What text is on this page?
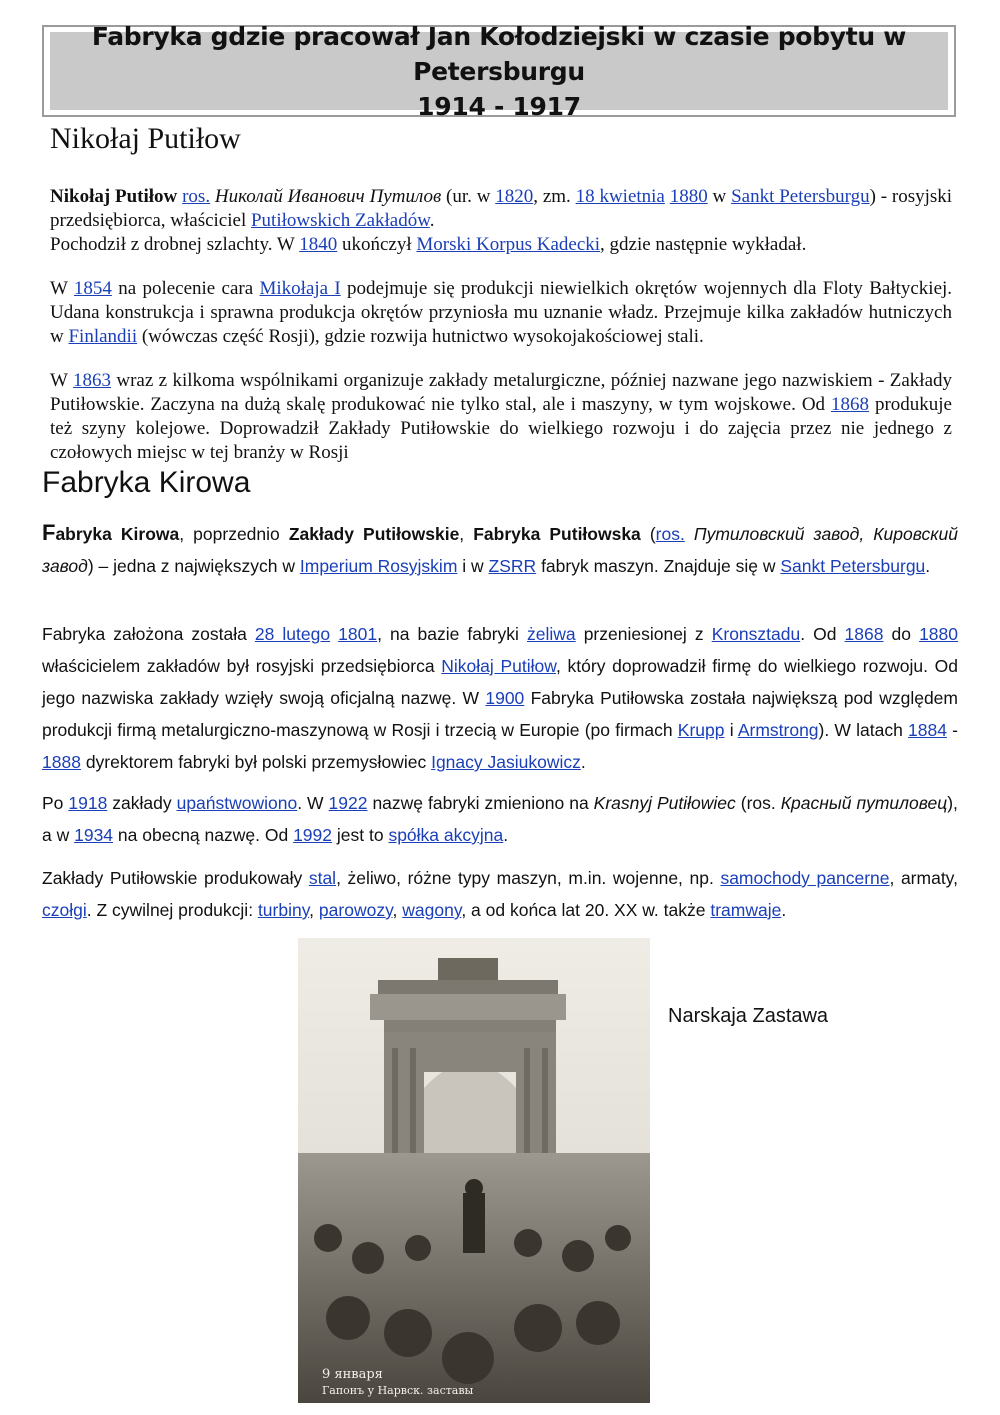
Fabryka gdzie pracował Jan Kołodziejski w czasie pobytu w Petersburgu
1914 - 1917
Nikołaj Putiłow

Nikołaj Putiłow ros. Николай Иванович Путилов (ur. w 1820, zm. 18 kwietnia 1880 w Sankt Petersburgu) - rosyjski przedsiębiorca, właściciel Putiłowskich Zakładów.
Pochodził z drobnej szlachty. W 1840 ukończył Morski Korpus Kadecki, gdzie następnie wykładał.

W 1854 na polecenie cara Mikołaja I podejmuje się produkcji niewielkich okrętów wojennych dla Floty Bałtyckiej. Udana konstrukcja i sprawna produkcja okrętów przyniosła mu uznanie władz. Przejmuje kilka zakładów hutniczych w Finlandii (wówczas część Rosji), gdzie rozwija hutnictwo wysokojakościowej stali.

W 1863 wraz z kilkoma wspólnikami organizuje zakłady metalurgiczne, później nazwane jego nazwiskiem - Zakłady Putiłowskie. Zaczyna na dużą skalę produkować nie tylko stal, ale i maszyny, w tym wojskowe. Od 1868 produkuje też szyny kolejowe. Doprowadził Zakłady Putiłowskie do wielkiego rozwoju i do zajęcia przez nie jednego z czołowych miejsc w tej branży w Rosji

Fabryka Kirowa

Fabryka Kirowa, poprzednio Zakłady Putiłowskie, Fabryka Putiłowska (ros. Путиловский завод, Кировский завод) – jedna z największych w Imperium Rosyjskim i w ZSRR fabryk maszyn. Znajduje się w Sankt Petersburgu.

Fabryka założona została 28 lutego 1801, na bazie fabryki żeliwa przeniesionej z Kronsztadu. Od 1868 do 1880 właścicielem zakładów był rosyjski przedsiębiorca Nikołaj Putiłow, który doprowadził firmę do wielkiego rozwoju. Od jego nazwiska zakłady wzięły swoją oficjalną nazwę. W 1900 Fabryka Putiłowska została największą pod względem produkcji firmą metalurgiczno-maszynową w Rosji i trzecią w Europie (po firmach Krupp i Armstrong). W latach 1884 - 1888 dyrektorem fabryki był polski przemysłowiec Ignacy Jasiukowicz.

Po 1918 zakłady upaństwowiono. W 1922 nazwę fabryki zmieniono na Krasnyj Putiłowiec (ros. Красный путиловец), a w 1934 na obecną nazwę. Od 1992 jest to spółka akcyjna.

Zakłady Putiłowskie produkowały stal, żeliwo, różne typy maszyn, m.in. wojenne, np. samochody pancerne, armaty, czołgi. Z cywilnej produkcji: turbiny, parowozy, wagony, a od końca lat 20. XX w. także tramwaje.

9 января
Гапонъ у Нарвск. заставы
Narskaja Zastawa
